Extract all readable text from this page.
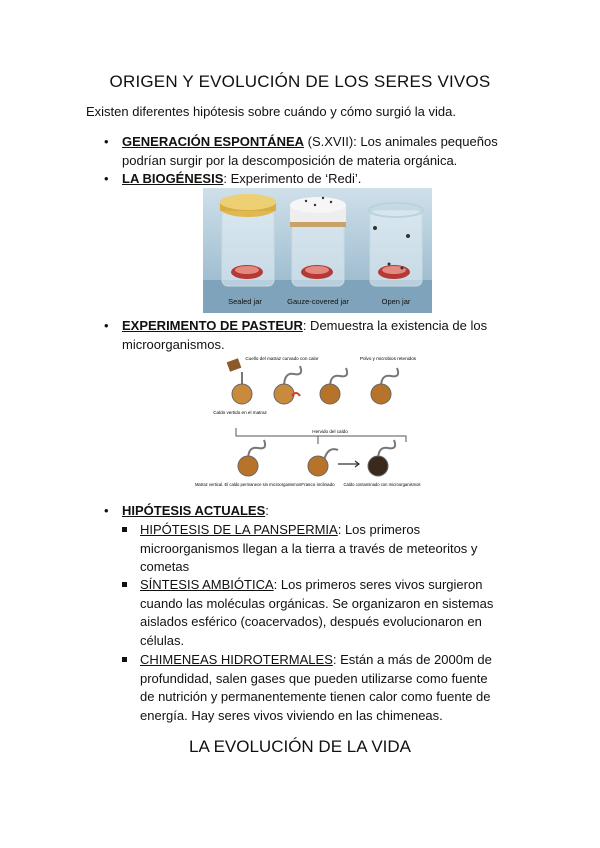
ORIGEN Y EVOLUCIÓN DE LOS SERES VIVOS
Existen diferentes hipótesis sobre cuándo y cómo surgió la vida.
• GENERACIÓN ESPONTÁNEA (S.XVII): Los animales pequeños podrían surgir por la descomposición de materia orgánica.
• LA BIOGÉNESIS: Experimento de ‘Redi’.
Sealed jar	Gauze-covered jar	Open jar
• EXPERIMENTO DE PASTEUR: Demuestra la existencia de los microorganismos.
Cuello del matraz curvado con calor	Polvo y microbios retenidos
Caldo vertido en el matraz
Hervido del caldo
Matraz vertical. El caldo permanece sin microorganismos Frasco inclinado Caldo contaminado con microorganismos
• HIPÓTESIS ACTUALES:
HIPÓTESIS DE LA PANSPERMIA: Los primeros microorganismos llegan a la tierra a través de meteoritos y cometas
SÍNTESIS AMBIÓTICA: Los primeros seres vivos surgieron cuando las moléculas orgánicas. Se organizaron en sistemas aislados esférico (coacervados), después evolucionaron en células.
CHIMENEAS HIDROTERMALES: Están a más de 2000m de profundidad, salen gases que pueden utilizarse como fuente de nutrición y permanentemente tienen calor como fuente de energía. Hay seres vivos viviendo en las chimeneas.
LA EVOLUCIÓN DE LA VIDA
